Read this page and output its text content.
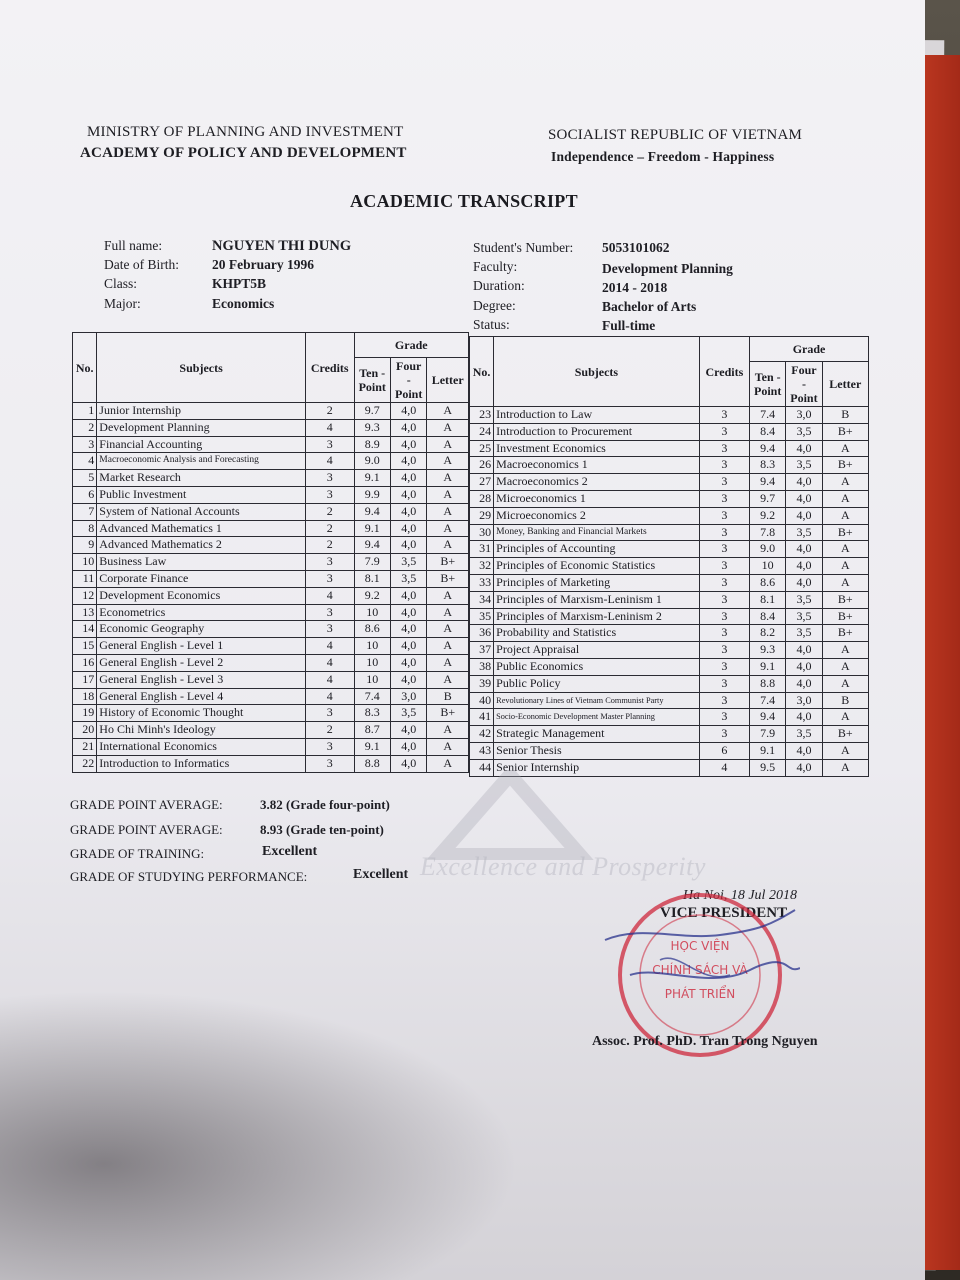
MINISTRY OF PLANNING AND INVESTMENT
ACADEMY OF POLICY AND DEVELOPMENT
SOCIALIST REPUBLIC OF VIETNAM
Independence – Freedom - Happiness
ACADEMIC TRANSCRIPT
Full name:	NGUYEN THI DUNG
Date of Birth: 20 February 1996
Class:	KHPT5B
Major:	Economics
Student's Number: 5053101062
Faculty:	Development Planning
Duration:	2014 - 2018
Degree:	Bachelor of Arts
Status:	Full-time
No.	Subjects	Credits	Grade		
			Ten - Point	Four - Point	Letter
1	Junior Internship	2	9.7	4,0	A
2	Development Planning	4	9.3	4,0	A
3	Financial Accounting	3	8.9	4,0	A
4	Macroeconomic Analysis and Forecasting	4	9.0	4,0	A
5	Market Research	3	9.1	4,0	A
6	Public Investment	3	9.9	4,0	A
7	System of National Accounts	2	9.4	4,0	A
8	Advanced Mathematics 1	2	9.1	4,0	A
9	Advanced Mathematics 2	2	9.4	4,0	A
10	Business Law	3	7.9	3,5	B+
11	Corporate Finance	3	8.1	3,5	B+
12	Development Economics	4	9.2	4,0	A
13	Econometrics	3	10	4,0	A
14	Economic Geography	3	8.6	4,0	A
15	General English - Level 1	4	10	4,0	A
16	General English - Level 2	4	10	4,0	A
17	General English - Level 3	4	10	4,0	A
18	General English - Level 4	4	7.4	3,0	B
19	History of Economic Thought	3	8.3	3,5	B+
20	Ho Chi Minh's Ideology	2	8.7	4,0	A
21	International Economics	3	9.1	4,0	A
22	Introduction to Informatics	3	8.8	4,0	A
No.	Subjects	Credits	Grade		
			Ten - Point	Four - Point	Letter
23	Introduction to Law	3	7.4	3,0	B
24	Introduction to Procurement	3	8.4	3,5	B+
25	Investment Economics	3	9.4	4,0	A
26	Macroeconomics 1	3	8.3	3,5	B+
27	Macroeconomics 2	3	9.4	4,0	A
28	Microeconomics 1	3	9.7	4,0	A
29	Microeconomics 2	3	9.2	4,0	A
30	Money, Banking and Financial Markets	3	7.8	3,5	B+
31	Principles of Accounting	3	9.0	4,0	A
32	Principles of Economic Statistics	3	10	4,0	A
33	Principles of Marketing	3	8.6	4,0	A
34	Principles of Marxism-Leninism 1	3	8.1	3,5	B+
35	Principles of Marxism-Leninism 2	3	8.4	3,5	B+
36	Probability and Statistics	3	8.2	3,5	B+
37	Project Appraisal	3	9.3	4,0	A
38	Public Economics	3	9.1	4,0	A
39	Public Policy	3	8.8	4,0	A
40	Revolutionary Lines of Vietnam Communist Party	3	7.4	3,0	B
41	Socio-Economic Development Master Planning	3	9.4	4,0	A
42	Strategic Management	3	7.9	3,5	B+
43	Senior Thesis	6	9.1	4,0	A
44	Senior Internship	4	9.5	4,0	A
Excellence and Prosperity
GRADE POINT AVERAGE:	3.82 (Grade four-point)
GRADE POINT AVERAGE:	8.93 (Grade ten-point)
GRADE OF TRAINING:	Excellent
GRADE OF STUDYING PERFORMANCE:	Excellent
Ha Noi, 18 Jul 2018
VICE PRESIDENT
HỌC VIỆN
CHÍNH SÁCH VÀ
PHÁT TRIỂN
Assoc. Prof. PhD. Tran Trong Nguyen
